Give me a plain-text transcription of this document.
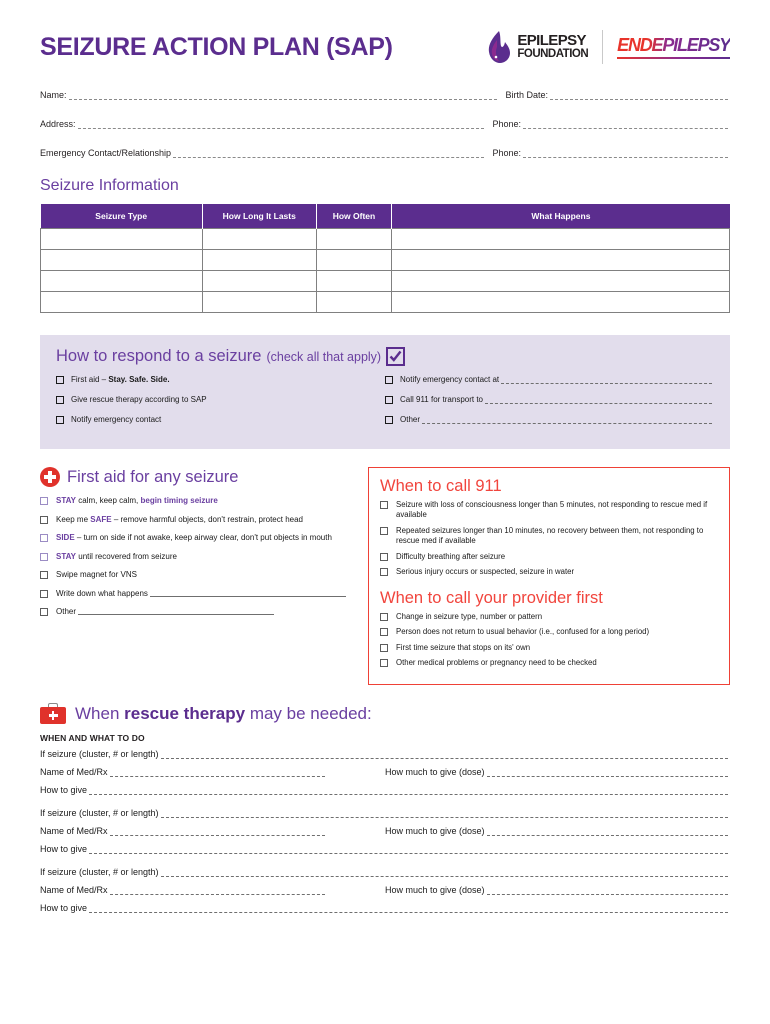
SEIZURE ACTION PLAN (SAP)	EPILEPSY
FOUNDATION ENDEPILEPSY
Name:	Birth Date:
Address:	Phone:
Emergency Contact/Relationship	Phone:
Seizure Information
Seizure Type	How Long It Lasts	How Often	What Happens

How to respond to a seizure (check all that apply)
First aid – Stay. Safe. Side.
Give rescue therapy according to SAP
Notify emergency contact
Notify emergency contact at
Call 911 for transport to
Other
First aid for any seizure
STAY calm, keep calm, begin timing seizure
Keep me SAFE – remove harmful objects, don't restrain, protect head
SIDE – turn on side if not awake, keep airway clear, don't put objects in mouth
STAY until recovered from seizure
Swipe magnet for VNS
Write down what happens
Other
When to call 911
Seizure with loss of consciousness longer than 5 minutes, not responding to rescue med if available
Repeated seizures longer than 10 minutes, no recovery between them, not responding to rescue med if available
Difficulty breathing after seizure
Serious injury occurs or suspected, seizure in water
When to call your provider first
Change in seizure type, number or pattern
Person does not return to usual behavior (i.e., confused for a long period)
First time seizure that stops on its' own
Other medical problems or pregnancy need to be checked
When rescue therapy may be needed:
WHEN AND WHAT TO DO
If seizure (cluster, # or length)
Name of Med/Rx	How much to give (dose)
How to give
If seizure (cluster, # or length)
Name of Med/Rx	How much to give (dose)
How to give
If seizure (cluster, # or length)
Name of Med/Rx	How much to give (dose)
How to give
